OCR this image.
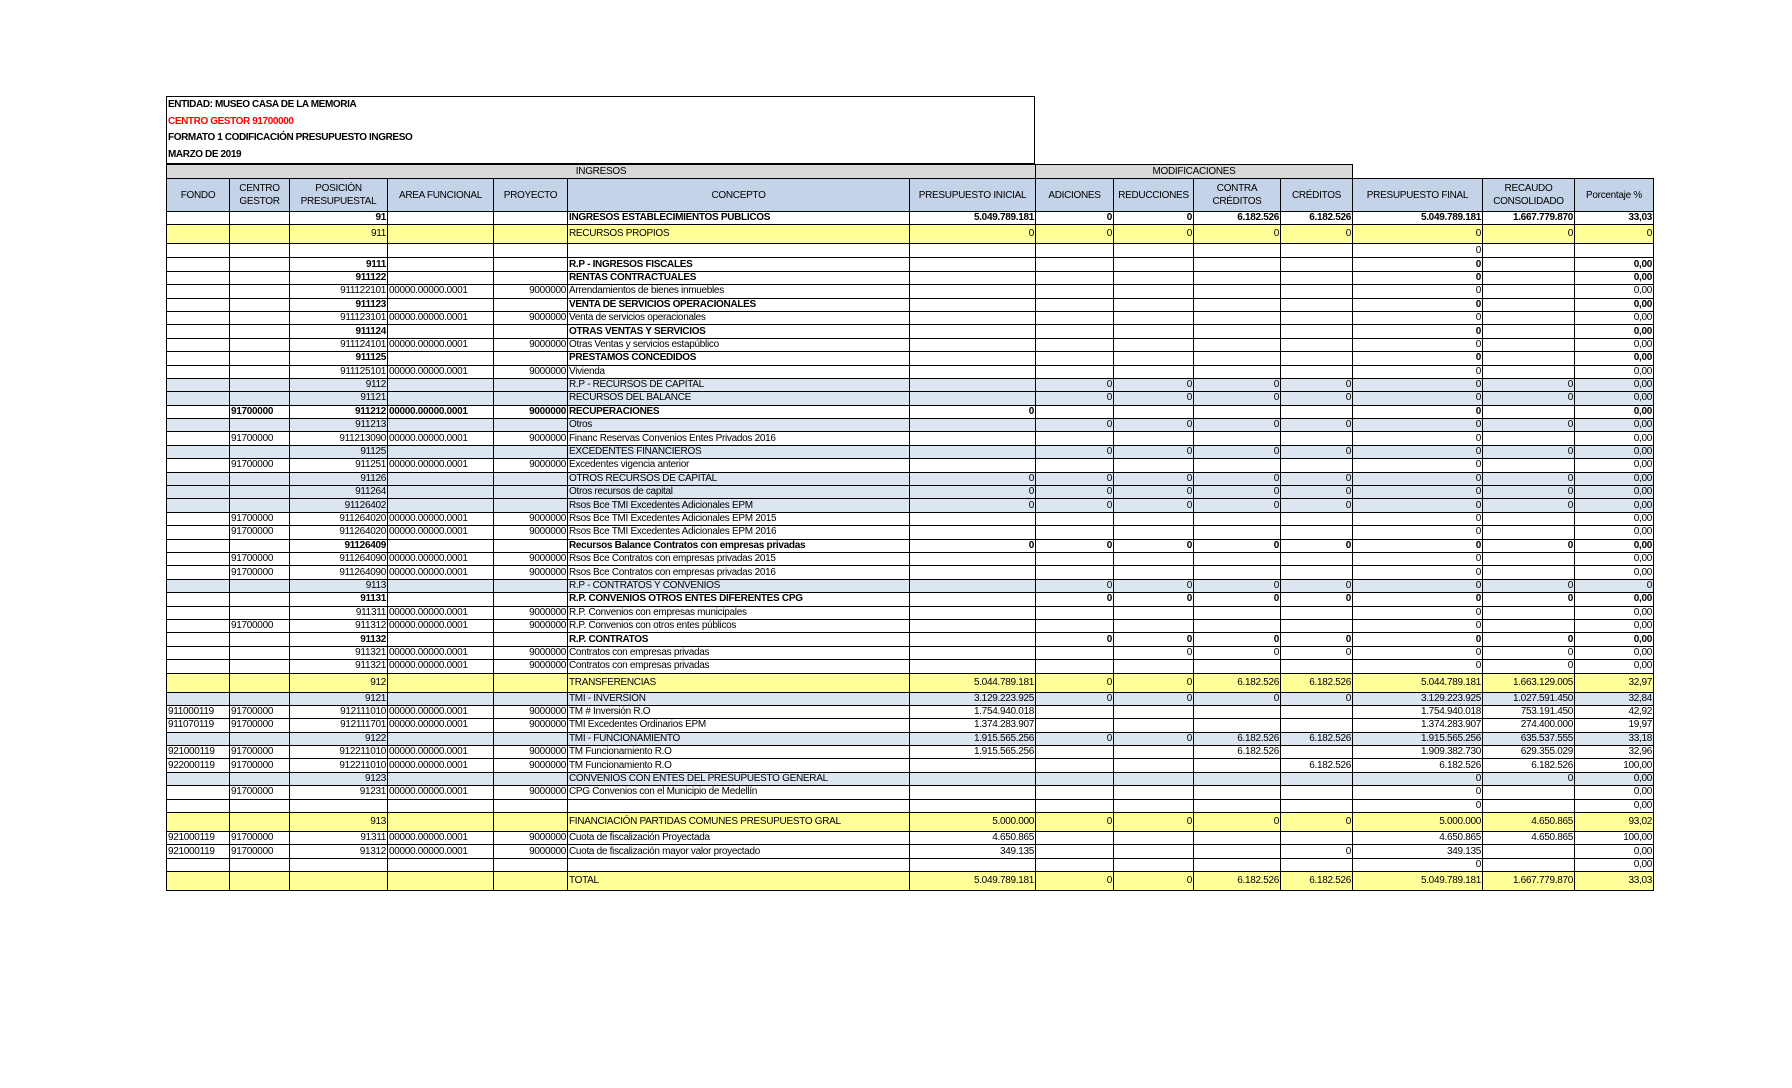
ENTIDAD: MUSEO CASA DE LA MEMORIA
CENTRO GESTOR 91700000
FORMATO 1 CODIFICACIÓN PRESUPUESTO INGRESO
MARZO DE 2019
INGRESOS							MODIFICACIONES						
FONDO	CENTRO GESTOR	POSICIÓN PRESUPUESTAL	AREA FUNCIONAL	PROYECTO	CONCEPTO	PRESUPUESTO INICIAL	ADICIONES	REDUCCIONES	CONTRA CRÉDITOS	CRÉDITOS	PRESUPUESTO FINAL	RECAUDO CONSOLIDADO	Porcentaje %
		91			INGRESOS ESTABLECIMIENTOS PUBLICOS	5.049.789.181	0	0	6.182.526	6.182.526	5.049.789.181	1.667.779.870	33,03
		911			RECURSOS PROPIOS	0	0	0	0	0	0	0	0
											0		
		9111			R.P - INGRESOS FISCALES						0		0,00
		911122			RENTAS CONTRACTUALES						0		0,00
		911122101	00000.00000.0001	9000000	Arrendamientos de bienes inmuebles						0		0,00
		911123			VENTA DE SERVICIOS OPERACIONALES						0		0,00
		911123101	00000.00000.0001	9000000	Venta de servicios operacionales						0		0,00
		911124			OTRAS VENTAS Y SERVICIOS						0		0,00
		911124101	00000.00000.0001	9000000	Otras Ventas y servicios estapúblico						0		0,00
		911125			PRÉSTAMOS CONCEDIDOS						0		0,00
		911125101	00000.00000.0001	9000000	Vivienda						0		0,00
		9112			R.P - RECURSOS DE CAPITAL		0	0	0	0	0	0	0,00
		91121			RECURSOS DEL BALANCE		0	0	0	0	0	0	0,00
	91700000	911212	00000.00000.0001	9000000	RECUPERACIONES	0					0		0,00
		911213			Otros		0	0	0	0	0	0	0,00
	91700000	911213090	00000.00000.0001	9000000	Financ Reservas Convenios Entes Privados 2016						0		0,00
		91125			EXCEDENTES FINANCIEROS		0	0	0	0	0	0	0,00
	91700000	911251	00000.00000.0001	9000000	Excedentes vigencia anterior						0		0,00
		91126			OTROS RECURSOS DE CAPITAL	0	0	0	0	0	0	0	0,00
		911264			Otros recursos de capital	0	0	0	0	0	0	0	0,00
		91126402			Rsos Bce TMI Excedentes Adicionales EPM	0	0	0	0	0	0	0	0,00
	91700000	911264020	00000.00000.0001	9000000	Rsos Bce TMI Excedentes Adicionales EPM 2015						0		0,00
	91700000	911264020	00000.00000.0001	9000000	Rsos Bce TMI Excedentes Adicionales EPM 2016						0		0,00
		91126409			Recursos Balance Contratos con empresas privadas	0	0	0	0	0	0	0	0,00
	91700000	911264090	00000.00000.0001	9000000	Rsos Bce Contratos con empresas privadas 2015						0		0,00
	91700000	911264090	00000.00000.0001	9000000	Rsos Bce Contratos con empresas privadas 2016						0		0,00
		9113			R.P - CONTRATOS Y CONVENIOS		0	0	0	0	0	0	0
		91131			R.P. CONVENIOS OTROS ENTES DIFERENTES CPG		0	0	0	0	0	0	0,00
		911311	00000.00000.0001	9000000	R.P. Convenios con empresas municipales						0		0,00
	91700000	911312	00000.00000.0001	9000000	R.P. Convenios con otros entes públicos						0		0,00
		91132			R.P. CONTRATOS		0	0	0	0	0	0	0,00
		911321	00000.00000.0001	9000000	Contratos con empresas privadas			0	0	0	0	0	0,00
		911321	00000.00000.0001	9000000	Contratos con empresas privadas						0	0	0,00
		912			TRANSFERENCIAS	5.044.789.181	0	0	6.182.526	6.182.526	5.044.789.181	1.663.129.005	32,97
		9121			TMI - INVERSIÓN	3.129.223.925	0	0	0	0	3.129.223.925	1.027.591.450	32,84
911000119	91700000	912111010	00000.00000.0001	9000000	TM # Inversión R.O	1.754.940.018					1.754.940.018	753.191.450	42,92
911070119	91700000	912111701	00000.00000.0001	9000000	TMI Excedentes Ordinarios EPM	1.374.283.907					1.374.283.907	274.400.000	19,97
		9122			TMI - FUNCIONAMIENTO	1.915.565.256	0	0	6.182.526	6.182.526	1.915.565.256	635.537.555	33,18
921000119	91700000	912211010	00000.00000.0001	9000000	TM Funcionamiento R.O	1.915.565.256			6.182.526		1.909.382.730	629.355.029	32,96
922000119	91700000	912211010	00000.00000.0001	9000000	TM Funcionamiento R.O					6.182.526	6.182.526	6.182.526	100,00
		9123			CONVENIOS CON ENTES DEL PRESUPUESTO GENERAL						0	0	0,00
	91700000	91231	00000.00000.0001	9000000	CPG Convenios con el Municipio de Medellín						0		0,00
											0		0,00
		913			FINANCIACIÓN PARTIDAS COMUNES PRESUPUESTO GRAL	5.000.000	0	0	0	0	5.000.000	4.650.865	93,02
921000119	91700000	91311	00000.00000.0001	9000000	Cuota de fiscalización Proyectada	4.650.865					4.650.865	4.650.865	100,00
921000119	91700000	91312	00000.00000.0001	9000000	Cuota de fiscalización mayor valor proyectado	349.135				0	349.135		0,00
											0		0,00
					TOTAL	5.049.789.181	0	0	6.182.526	6.182.526	5.049.789.181	1.667.779.870	33,03
